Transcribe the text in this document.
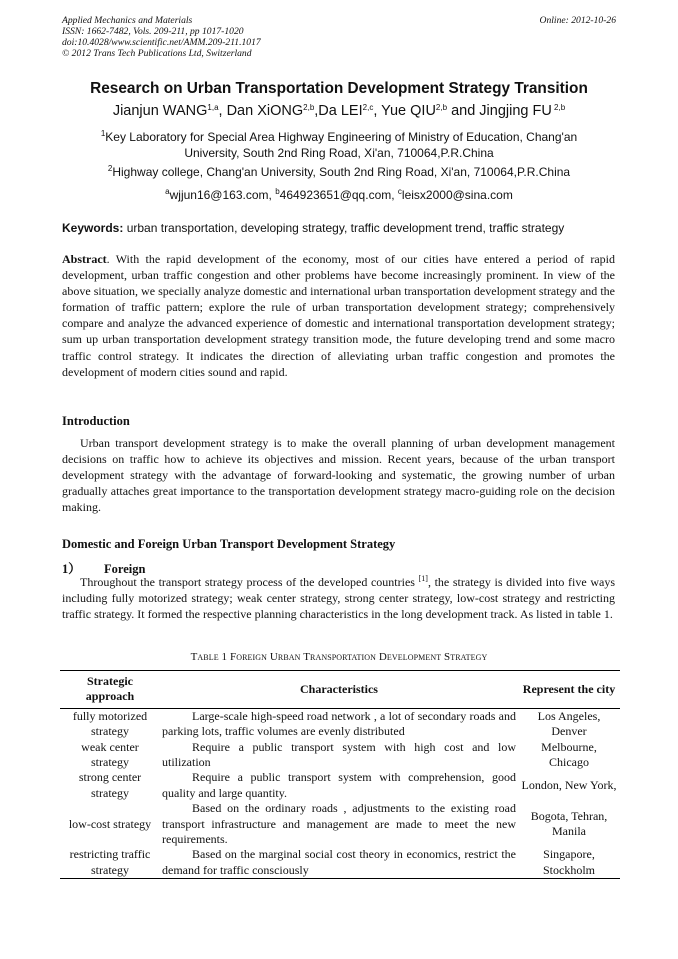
Applied Mechanics and Materials
ISSN: 1662-7482, Vols. 209-211, pp 1017-1020
doi:10.4028/www.scientific.net/AMM.209-211.1017
© 2012 Trans Tech Publications Ltd, Switzerland
Online: 2012-10-26
Research on Urban Transportation Development Strategy Transition
Jianjun WANG$^{1,a}$, Dan XiONG$^{2,b}$,Da LEI$^{2,c}$, Yue QIU$^{2,b}$ and Jingjing FU $^{2,b}$
$^1$Key Laboratory for Special Area Highway Engineering of Ministry of Education, Chang'an University, South 2nd Ring Road, Xi'an, 710064,P.R.China
$^2$Highway college, Chang'an University, South 2nd Ring Road, Xi'an, 710064,P.R.China
$^a$wjjun16@163.com, $^b$464923651@qq.com, $^c$leisx2000@sina.com
Keywords: urban transportation, developing strategy, traffic development trend, traffic strategy
Abstract. With the rapid development of the economy, most of our cities have entered a period of rapid development, urban traffic congestion and other problems have become increasingly prominent. In view of the above situation, we specially analyze domestic and international urban transportation development strategy and the formation of traffic pattern; explore the rule of urban transportation development strategy; comprehensively compare and analyze the advanced experience of domestic and international transportation development strategy; sum up urban transportation development strategy transition mode, the future developing trend and some macro traffic control strategy. It indicates the direction of alleviating urban traffic congestion and promotes the development of modern cities sound and rapid.
Introduction
Urban transport development strategy is to make the overall planning of urban development management decisions on traffic how to achieve its objectives and mission. Recent years, because of the urban transport development strategy with the advantage of forward-looking and systematic, the growing number of urban gradually attaches great importance to the transportation development strategy macro-guiding role on the decision making.
Domestic and Foreign Urban Transport Development Strategy
1） Foreign
Throughout the transport strategy process of the developed countries [1], the strategy is divided into five ways including fully motorized strategy; weak center strategy, strong center strategy, low-cost strategy and restricting traffic strategy. It formed the respective planning characteristics in the long development track. As listed in table 1.
Table 1 Foreign Urban Transportation Development Strategy
Strategic approach	Characteristics	Represent the city
fully motorized strategy	Large-scale high-speed road network , a lot of secondary roads and parking lots, traffic volumes are evenly distributed	Los Angeles, Denver
weak center strategy	Require a public transport system with high cost and low utilization	Melbourne, Chicago
strong center strategy	Require a public transport system with comprehension, good quality and large quantity.	London, New York,
low-cost strategy	Based on the ordinary roads , adjustments to the existing road transport infrastructure and management are made to meet the new requirements.	Bogota, Tehran, Manila
restricting traffic strategy	Based on the marginal social cost theory in economics, restrict the demand for traffic consciously	Singapore, Stockholm
